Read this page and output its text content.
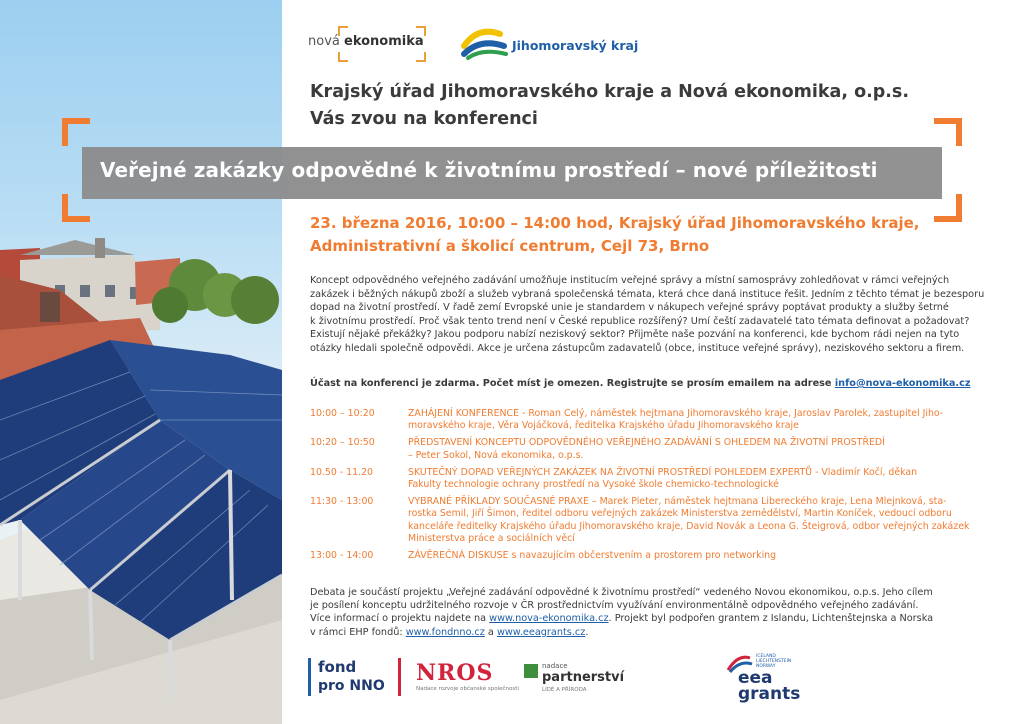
nová ekonomika	Jihomoravský kraj
Krajský úřad Jihomoravského kraje a Nová ekonomika, o.p.s.
Vás zvou na konferenci
Veřejné zakázky odpovědné k životnímu prostředí – nové příležitosti
23. března 2016, 10:00 – 14:00 hod, Krajský úřad Jihomoravského kraje,
Administrativní a školicí centrum, Cejl 73, Brno
Koncept odpovědného veřejného zadávání umožňuje institucím veřejné správy a místní samosprávy zohledňovat v rámci veřejných
zakázek i běžných nákupů zboží a služeb vybraná společenská témata, která chce daná instituce řešit. Jedním z těchto témat je bezesporu
dopad na životní prostředí. V řadě zemí Evropské unie je standardem v nákupech veřejné správy poptávat produkty a služby šetrné
k životnímu prostředí. Proč však tento trend není v České republice rozšířený? Umí čeští zadavatelé tato témata definovat a požadovat?
Existují nějaké překážky? Jakou podporu nabízí neziskový sektor? Přijměte naše pozvání na konferenci, kde bychom rádi nejen na tyto
otázky hledali společně odpovědi. Akce je určena zástupcům zadavatelů (obce, instituce veřejné správy), neziskového sektoru a firem.
Účast na konferenci je zdarma. Počet míst je omezen. Registrujte se prosím emailem na adrese info@nova-ekonomika.cz
10:00 – 10:20	ZAHÁJENÍ KONFERENCE - Roman Celý, náměstek hejtmana Jihomoravského kraje, Jaroslav Parolek, zastupitel Jiho-
moravského kraje, Věra Vojáčková, ředitelka Krajského úřadu Jihomoravského kraje
10:20 – 10:50	PŘEDSTAVENÍ KONCEPTU ODPOVĚDNÉHO VEŘEJNÉHO ZADÁVÁNÍ S OHLEDEM NA ŽIVOTNÍ PROSTŘEDÍ
– Peter Sokol, Nová ekonomika, o.p.s.
10.50 - 11.20	SKUTEČNÝ DOPAD VEŘEJNÝCH ZAKÁZEK NA ŽIVOTNÍ PROSTŘEDÍ POHLEDEM EXPERTŮ - Vladimír Kočí, děkan
Fakulty technologie ochrany prostředí na Vysoké škole chemicko-technologické
11:30 - 13:00	VYBRANÉ PŘÍKLADY SOUČASNÉ PRAXE – Marek Pieter, náměstek hejtmana Libereckého kraje, Lena Mlejnková, sta-
rostka Semil, Jiří Šimon, ředitel odboru veřejných zakázek Ministerstva zemědělství, Martin Koníček, vedoucí odboru
kanceláře ředitelky Krajského úřadu Jihomoravského kraje, David Novák a Leona G. Šteigrová, odbor veřejných zakázek
Ministerstva práce a sociálních věcí
13:00 - 14:00	ZÁVĚREČNÁ DISKUSE s navazujícím občerstvením a prostorem pro networking
Debata je součástí projektu „Veřejné zadávání odpovědné k životnímu prostředí“ vedeného Novou ekonomikou, o.p.s. Jeho cílem
je posílení konceptu udržitelného rozvoje v ČR prostřednictvím využívání environmentálně odpovědného veřejného zadávání.
Více informací o projektu najdete na www.nova-ekonomika.cz. Projekt byl podpořen grantem z Islandu, Lichtenštejnska a Norska
v rámci EHP fondů: www.fondnno.cz a www.eeagrants.cz.
fond
pro NNO NROS
Nadace rozvoje občanské společnosti
nadace
partnerství
LIDÉ A PŘÍRODA
ICELAND
LIECHTENSTEIN
NORWAY
eea
grants
